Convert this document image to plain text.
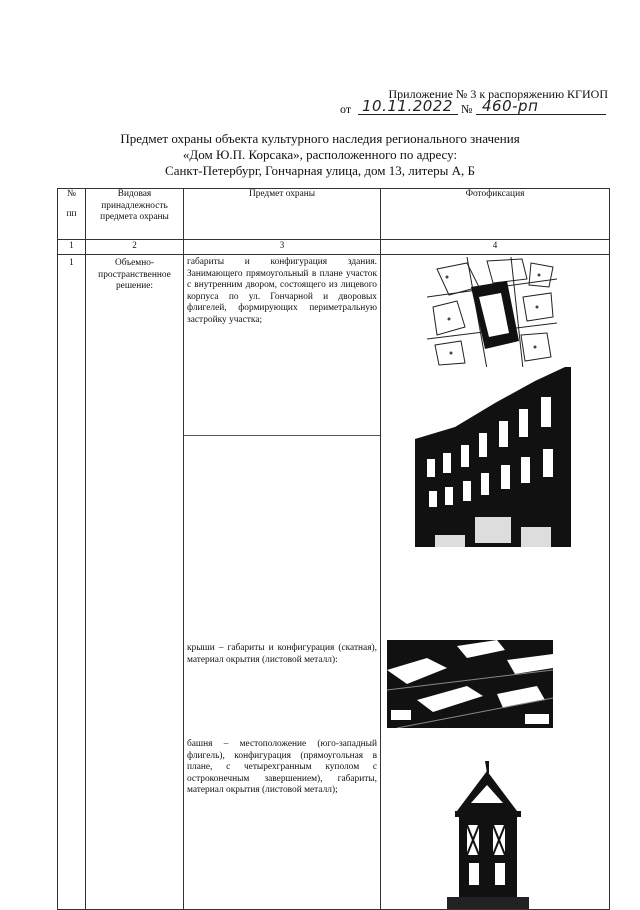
Приложение № 3 к распоряжению КГИОП
от 10.11.2022 № 460-рп
Предмет охраны объекта культурного наследия регионального значения
«Дом Ю.П. Корсака», расположенного по адресу:
Санкт-Петербург, Гончарная улица, дом 13, литеры А, Б
№
пп	Видовая принадлежность предмета охраны	Предмет охраны	Фотофиксация
1	2	3	4

1	Объемно-пространственное решение:	габариты и конфигурация здания. Занимающего прямоугольный в плане участок с внутренним двором, состоящего из лицевого корпуса по ул. Гончарной и дворовых флигелей, формирующих периметральную застройку участка;
крыши – габариты и конфигурация (скатная), материал окрытия (листовой металл):
башня – местоположение (юго-западный флигель), конфигурация (прямоугольная в плане, с четырехгранным куполом с остроконечным завершением), габариты, материал окрытия (листовой металл);
